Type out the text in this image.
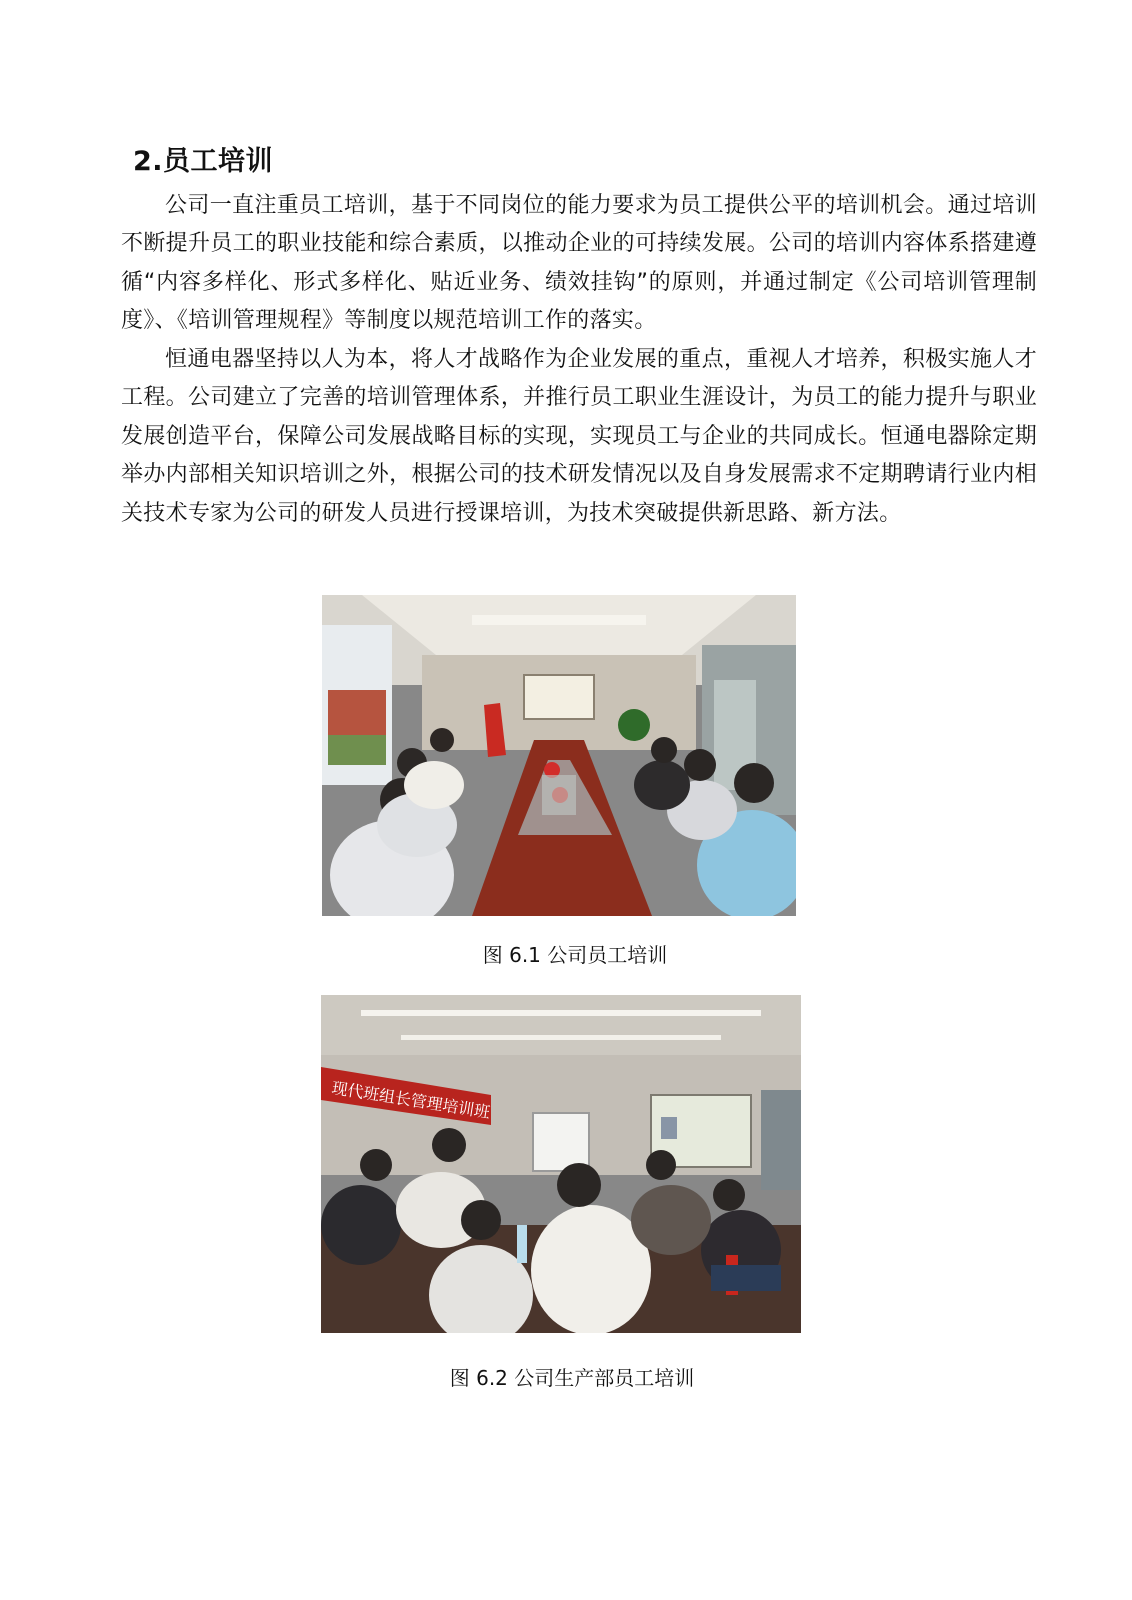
2.员工培训

公司一直注重员工培训，基于不同岗位的能力要求为员工提供公平的培训机会。通过培训不断提升员工的职业技能和综合素质，以推动企业的可持续发展。公司的培训内容体系搭建遵循“内容多样化、形式多样化、贴近业务、绩效挂钩”的原则，并通过制定《公司培训管理制度》、《培训管理规程》等制度以规范培训工作的落实。

恒通电器坚持以人为本，将人才战略作为企业发展的重点，重视人才培养，积极实施人才工程。公司建立了完善的培训管理体系，并推行员工职业生涯设计，为员工的能力提升与职业发展创造平台，保障公司发展战略目标的实现，实现员工与企业的共同成长。恒通电器除定期举办内部相关知识培训之外，根据公司的技术研发情况以及自身发展需求不定期聘请行业内相关技术专家为公司的研发人员进行授课培训，为技术突破提供新思路、新方法。

图 6.1 公司员工培训

现代班组长管理培训班

图 6.2 公司生产部员工培训
